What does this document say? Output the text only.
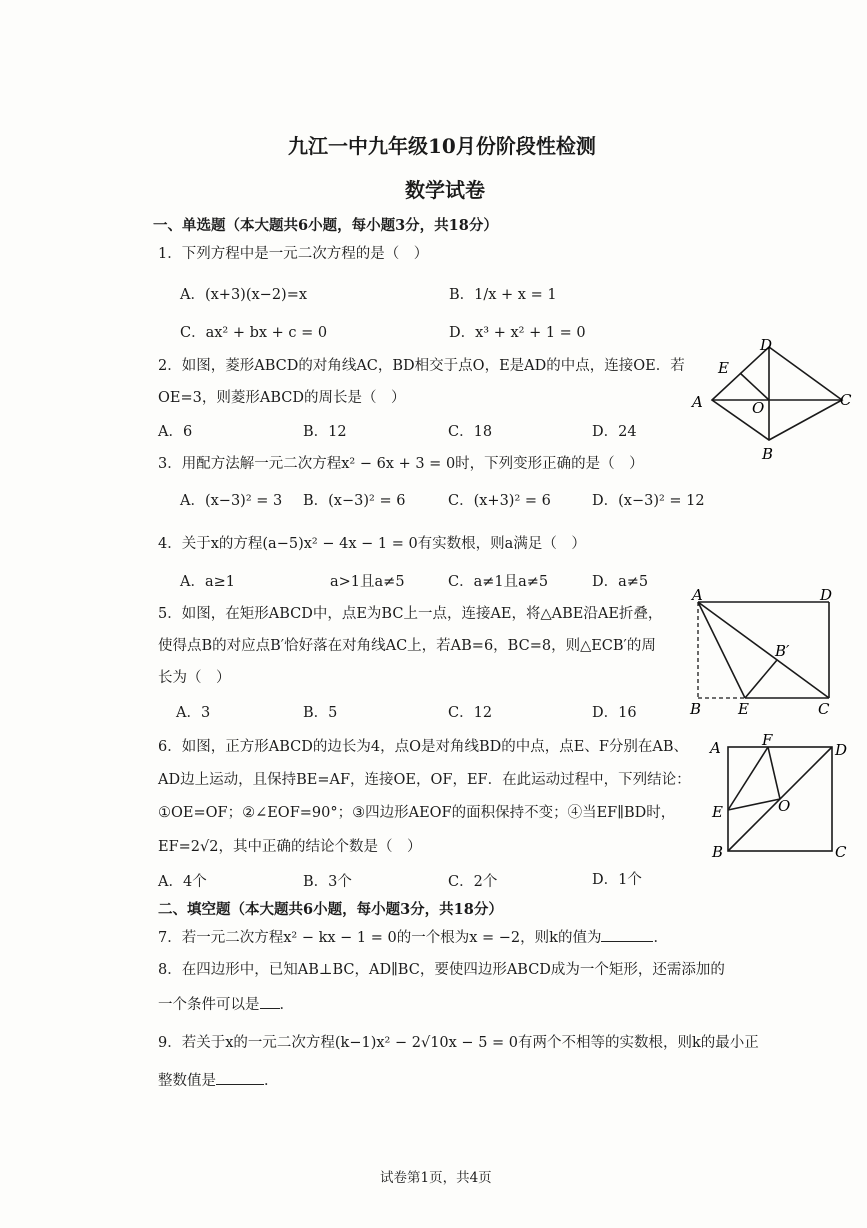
九江一中九年级10月份阶段性检测
数学试卷
一、单选题（本大题共6小题，每小题3分，共18分）
1．下列方程中是一元二次方程的是（　）
A．(x+3)(x−2)=x	B．1/x + x = 1
C．ax² + bx + c = 0	D．x³ + x² + 1 = 0
2．如图，菱形ABCD的对角线AC，BD相交于点O，E是AD的中点，连接OE．若
OE=3，则菱形ABCD的周长是（　）
A．6	B．12	C．18	D．24
D
E
A	O	C
B
3．用配方法解一元二次方程x² − 6x + 3 = 0时，下列变形正确的是（　）
A．(x−3)² = 3 B．(x−3)² = 6	C．(x+3)² = 6	D．(x−3)² = 12
4．关于x的方程(a−5)x² − 4x − 1 = 0有实数根，则a满足（　）
A．a≥1	a>1且a≠5	C．a≠1且a≠5	D．a≠5
5．如图，在矩形ABCD中，点E为BC上一点，连接AE，将△ABE沿AE折叠，
使得点B的对应点B′恰好落在对角线AC上，若AB=6，BC=8，则△ECB′的周
长为（　）
A．3	B．5	C．12	D．16
A	D
B′
B E	C
6．如图，正方形ABCD的边长为4，点O是对角线BD的中点，点E、F分别在AB、
AD边上运动，且保持BE=AF，连接OE，OF，EF．在此运动过程中，下列结论：
①OE=OF；②∠EOF=90°；③四边形AEOF的面积保持不变；④当EF∥BD时，
EF=2√2，其中正确的结论个数是（　）
A．4个	B．3个	C．2个	D．1个
A	F
D
E	O
B	C
二、填空题（本大题共6小题，每小题3分，共18分）
7．若一元二次方程x² − kx − 1 = 0的一个根为x = −2，则k的值为	．
8．在四边形中，已知AB⊥BC，AD∥BC，要使四边形ABCD成为一个矩形，还需添加的
一个条件可以是 ．
9．若关于x的一元二次方程(k−1)x² − 2√10x − 5 = 0有两个不相等的实数根，则k的最小正
整数值是	．
试卷第1页，共4页
